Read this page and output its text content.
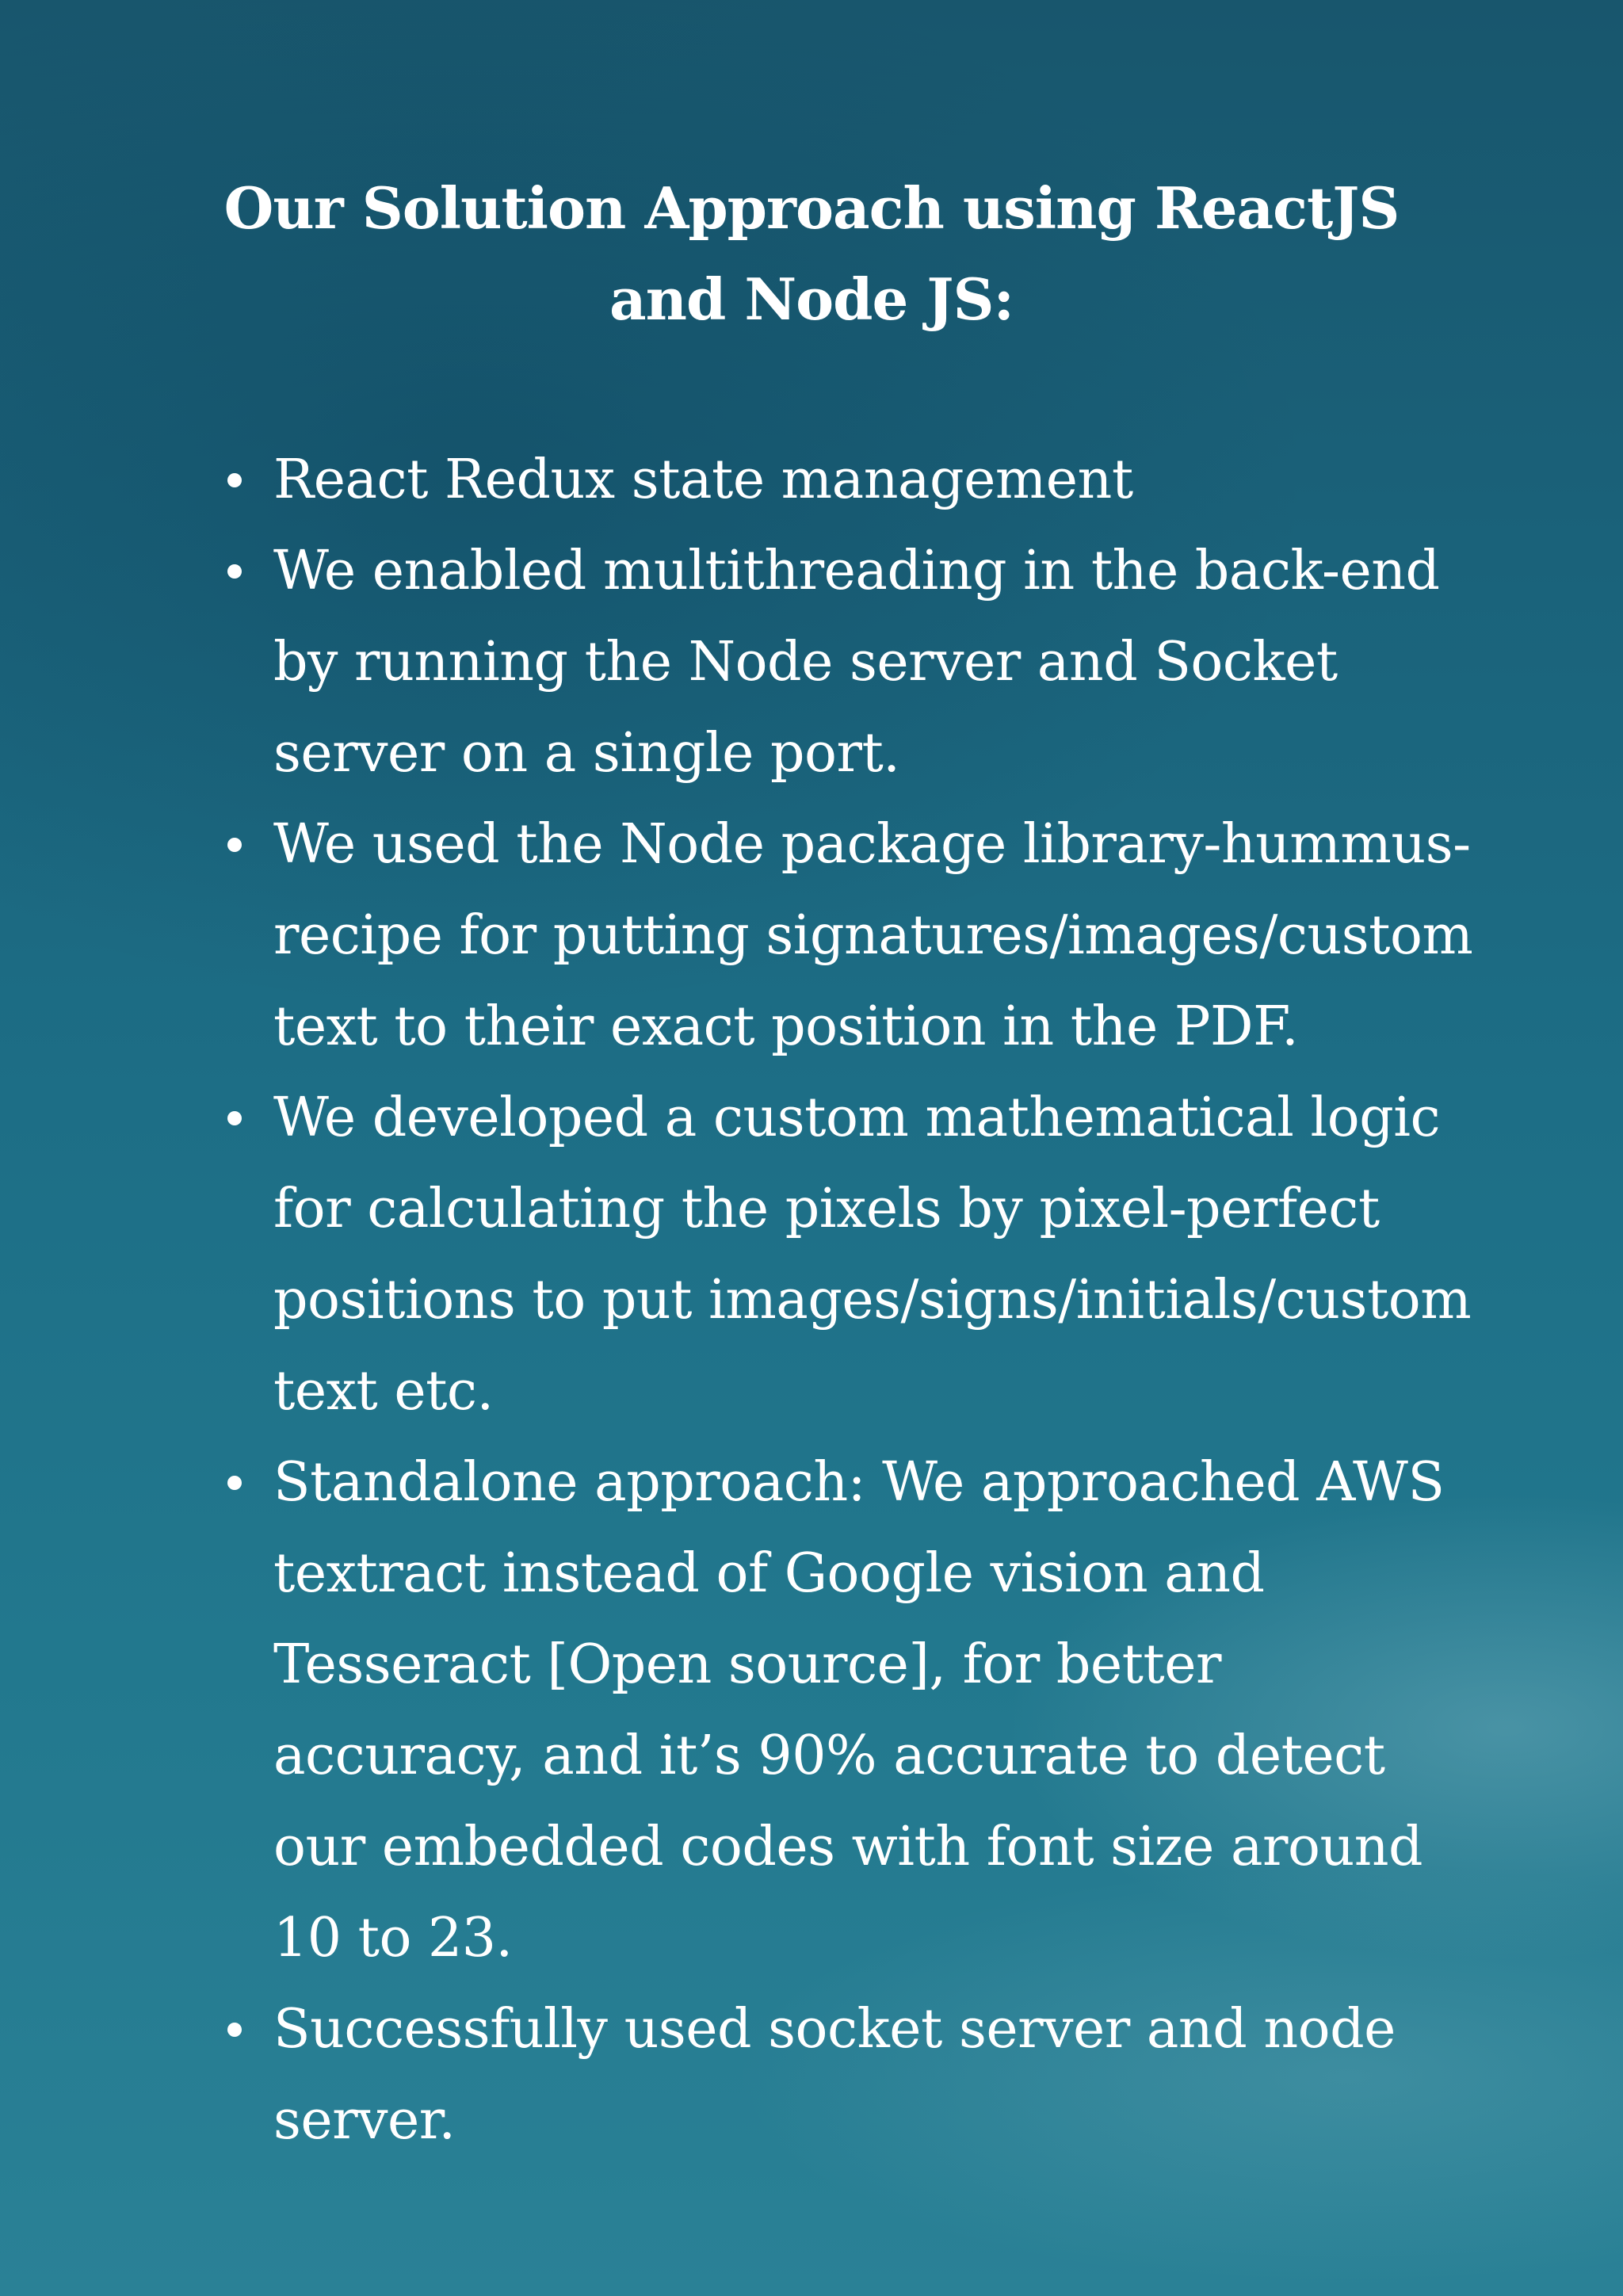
Our Solution Approach using ReactJS and Node JS:
React Redux state management
We enabled multithreading in the back-end by running the Node server and Socket server on a single port.
We used the Node package library-hummus-recipe for putting signatures/images/custom text to their exact position in the PDF.
We developed a custom mathematical logic for calculating the pixels by pixel-perfect positions to put images/signs/initials/custom text etc.
Standalone approach: We approached AWS textract instead of Google vision and Tesseract [Open source], for better accuracy, and it’s 90% accurate to detect our embedded codes with font size around 10 to 23.
Successfully used socket server and node server.
